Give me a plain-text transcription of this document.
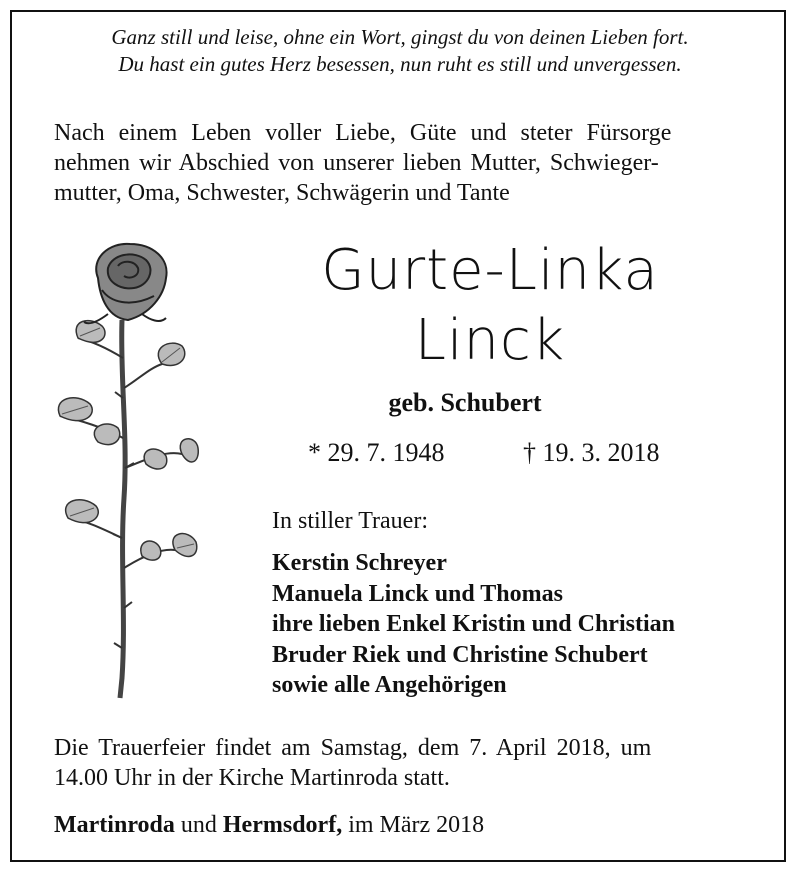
Ganz still und leise, ohne ein Wort, gingst du von deinen Lieben fort.
Du hast ein gutes Herz besessen, nun ruht es still und unvergessen.
Nach einem Leben voller Liebe, Güte und steter Fürsorge
nehmen wir Abschied von unserer lieben Mutter, Schwieger-
mutter, Oma, Schwester, Schwägerin und Tante
Gurte-Linka
Linck
geb. Schubert
* 29. 7. 1948	† 19. 3. 2018
In stiller Trauer:
Kerstin Schreyer
Manuela Linck und Thomas
ihre lieben Enkel Kristin und Christian
Bruder Riek und Christine Schubert
sowie alle Angehörigen
Die Trauerfeier findet am Samstag, dem 7. April 2018, um
14.00 Uhr in der Kirche Martinroda statt.
Martinroda und Hermsdorf, im März 2018
